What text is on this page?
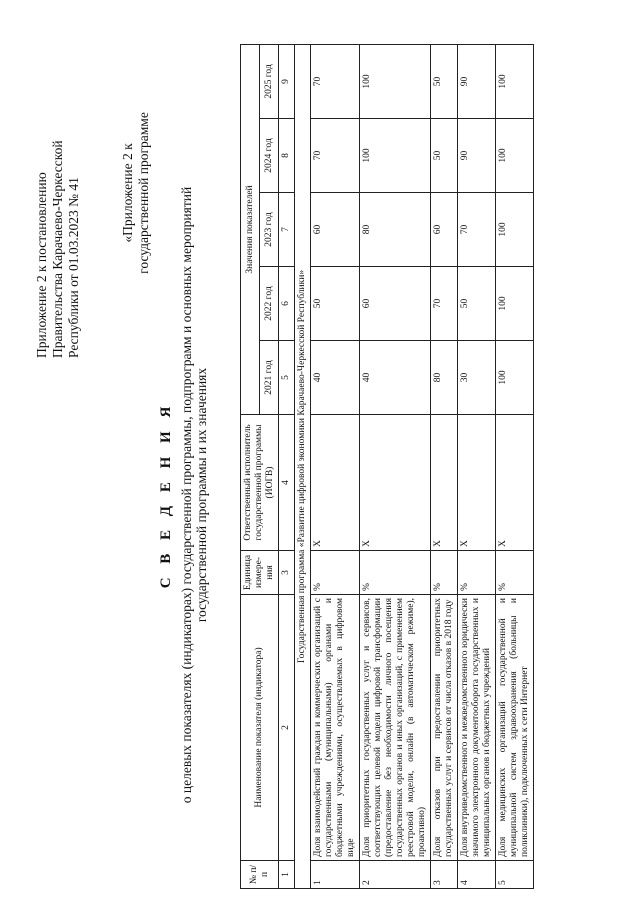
Приложение 2 к постановлению Правительства Карачаево-Черкесской Республики от 01.03.2023 № 41	«Приложение 2 к государственной программе
С В Е Д Е Н И Я о целевых показателях (индикаторах) государственной программы, подпрограмм и основных мероприятий государственной программы и их значениях
№ п/п	Наименование показателя (индикатора)	Единица измере-ния	Ответственный исполнитель государственной программы (ИОГВ)	Значения показателей				
				2021 год	2022 год	2023 год	2024 год	2025 год
1	2	3	4	5	6	7	8	9
Государственная программа «Развитие цифровой экономики Карачаево-Черкесской Республики»								
1	Доля взаимодействий граждан и коммерческих организаций с государственными (муниципальными) органами и бюджетными учреждениями, осуществляемых в цифровом виде	%	Х	40	50	60	70	70
2	Доля приоритетных государственных услуг и сервисов, соответствующих целевой модели цифровой трансформации (предоставление без необходимости личного посещения государственных органов и иных организаций, с применением реестровой модели, онлайн (в автоматическом режиме), проактивно)	%	Х	40	60	80	100	100
3	Доля отказов при предоставлении приоритетных государственных услуг и сервисов от числа отказов в 2018 году	%	Х	80	70	60	50	50
4	Доля внутриведомственного и межведомственного юридически значимого электронного документооборота государственных и муниципальных органов и бюджетных учреждений	%	Х	30	50	70	90	90
5	Доля медицинских организаций государственной и муниципальной систем здравоохранения (больницы и поликлиники), подключенных к сети Интернет	%	Х	100	100	100	100	100
